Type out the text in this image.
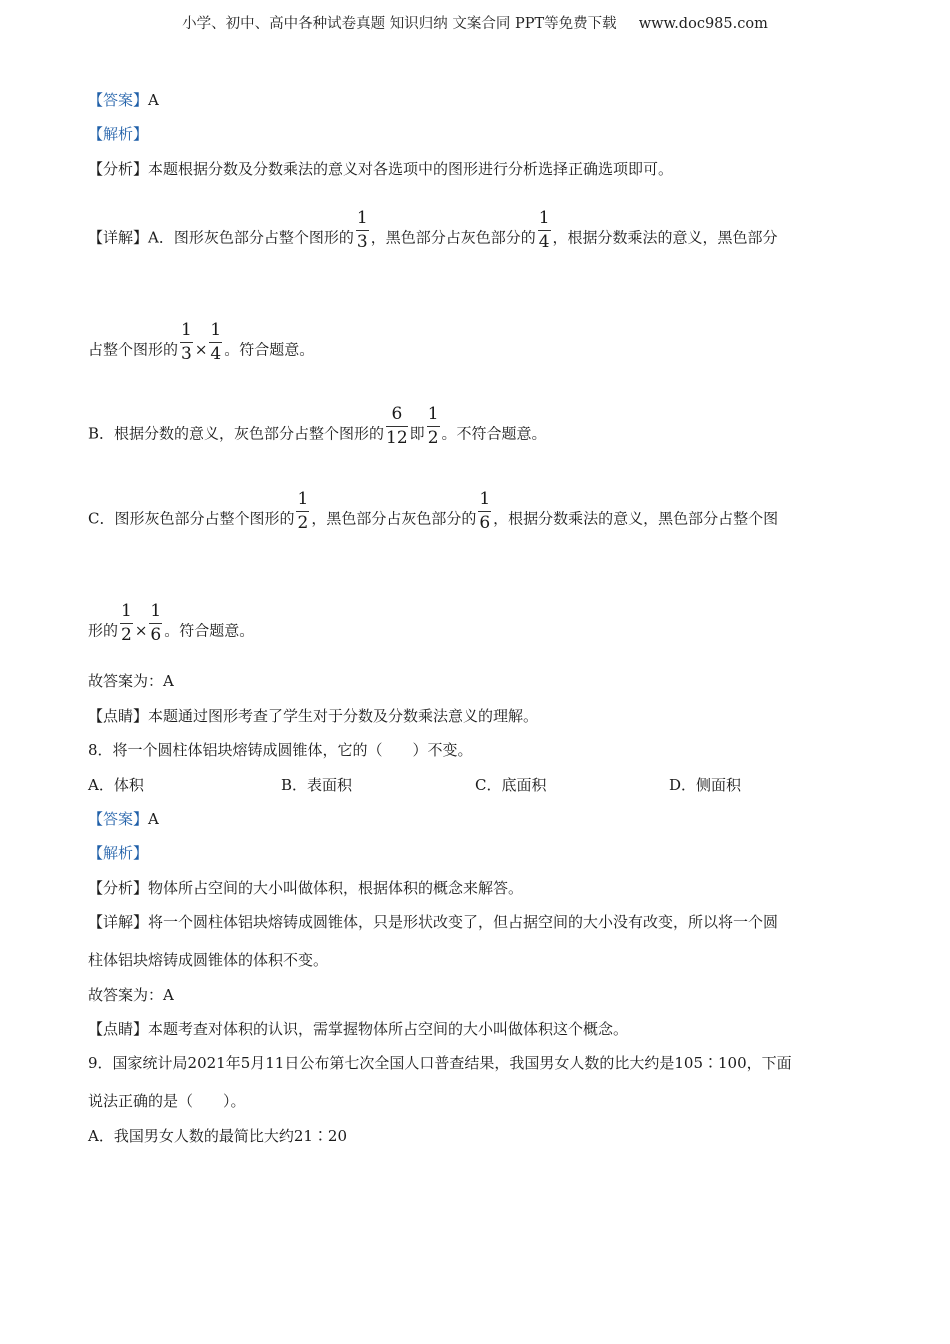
小学、初中、高中各种试卷真题 知识归纳 文案合同 PPT等免费下载 www.doc985.com
【答案】A
【解析】
【分析】本题根据分数及分数乘法的意义对各选项中的图形进行分析选择正确选项即可。
【详解】A．图形灰色部分占整个图形的 $\frac{1}{3}$ ，黑色部分占灰色部分的 $\frac{1}{4}$ ，根据分数乘法的意义，黑色部分
占整个图形的 $\frac{1}{3} \times \frac{1}{4}$ 。符合题意。
B．根据分数的意义，灰色部分占整个图形的 $\frac{6}{12}$ 即 $\frac{1}{2}$ 。不符合题意。
C．图形灰色部分占整个图形的 $\frac{1}{2}$ ，黑色部分占灰色部分的 $\frac{1}{6}$ ，根据分数乘法的意义，黑色部分占整个图
形的 $\frac{1}{2} \times \frac{1}{6}$ 。符合题意。
故答案为：A
【点睛】本题通过图形考查了学生对于分数及分数乘法意义的理解。
8．将一个圆柱体铝块熔铸成圆锥体，它的（　　）不变。
A．体积	B．表面积	C．底面积	D．侧面积
【答案】A
【解析】
【分析】物体所占空间的大小叫做体积，根据体积的概念来解答。
【详解】将一个圆柱体铝块熔铸成圆锥体，只是形状改变了，但占据空间的大小没有改变，所以将一个圆
柱体铝块熔铸成圆锥体的体积不变。
故答案为：A
【点睛】本题考查对体积的认识，需掌握物体所占空间的大小叫做体积这个概念。
9．国家统计局2021年5月11日公布第七次全国人口普查结果，我国男女人数的比大约是105∶100，下面
说法正确的是（　　）。
A．我国男女人数的最简比大约21∶20
